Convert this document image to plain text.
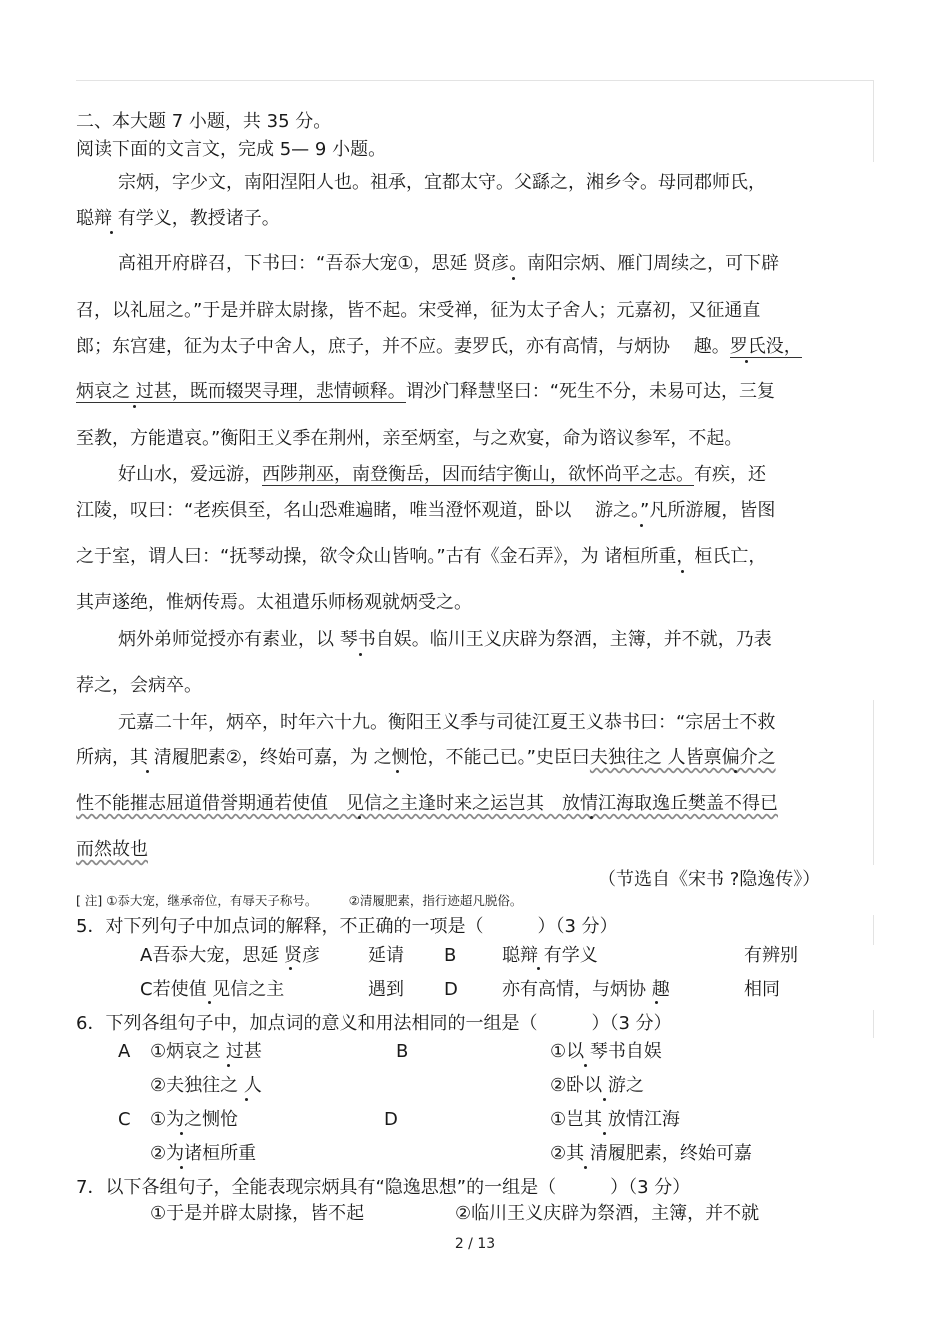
二、本大题 7 小题，共 35 分。
阅读下面的文言文，完成 5— 9 小题。
宗炳，字少文，南阳涅阳人也。祖承，宜都太守。父繇之，湘乡令。母同郡师氏，
聪辩 有学义，教授诸子。
高祖开府辟召，下书曰：“吾忝大宠①，思延 贤彦。南阳宗炳、雁门周续之，可下辟
召，以礼屈之。”于是并辟太尉掾，皆不起。宋受禅，征为太子舍人；元嘉初，又征通直
郎；东宫建，征为太子中舍人，庶子，并不应。妻罗氏，亦有高情，与炳协　 趣。罗氏没，
炳哀之 过甚，既而辍哭寻理，悲情顿释。谓沙门释慧坚曰：“死生不分，未易可达，三复
至教，方能遣哀。”衡阳王义季在荆州，亲至炳室，与之欢宴，命为谘议参军，不起。
好山水，爱远游，西陟荆巫，南登衡岳，因而结宇衡山，欲怀尚平之志。有疾，还
江陵，叹曰：“老疾俱至，名山恐难遍睹，唯当澄怀观道，卧以　 游之。”凡所游履，皆图
之于室，谓人曰：“抚琴动操，欲令众山皆响。”古有《金石弄》，为 诸桓所重，桓氏亡，
其声遂绝，惟炳传焉。太祖遣乐师杨观就炳受之。
炳外弟师觉授亦有素业，以 琴书自娱。临川王义庆辟为祭酒，主簿，并不就，乃表
荐之，会病卒。
元嘉二十年，炳卒，时年六十九。衡阳王义季与司徒江夏王义恭书曰：“宗居士不救
所病，其 清履肥素②，终始可嘉，为 之恻怆，不能己已。”史臣曰夫独往之 人皆禀偏介之
性不能摧志屈道借誉期通若使值　见信之主逢时来之运岂其　放情江海取逸丘樊盖不得已
而然故也
（节选自《宋书 ?隐逸传》）
[ 注] ①忝大宠，继承帝位，有辱天子称号。　　　②清履肥素，指行迹超凡脱俗。
5．对下列句子中加点词的解释，不正确的一项是（　　　）（3 分）
A吾忝大宠，思延 贤彦	延请 B	聪辩 有学义	有辨别
C若使值 见信之主	遇到 D 亦有高情，与炳协 趣	相同
6．下列各组句子中，加点词的意义和用法相同的一组是（　　　）（3 分）
A ①炳哀之 过甚	B	①以 琴书自娱
②夫独往之 人	②卧以 游之
C ①为之恻怆	D	①岂其 放情江海
②为诸桓所重	②其 清履肥素，终始可嘉
7．以下各组句子，全能表现宗炳具有“隐逸思想”的一组是（　　　）（3 分）
①于是并辟太尉掾，皆不起	②临川王义庆辟为祭酒，主簿，并不就
2 / 13
